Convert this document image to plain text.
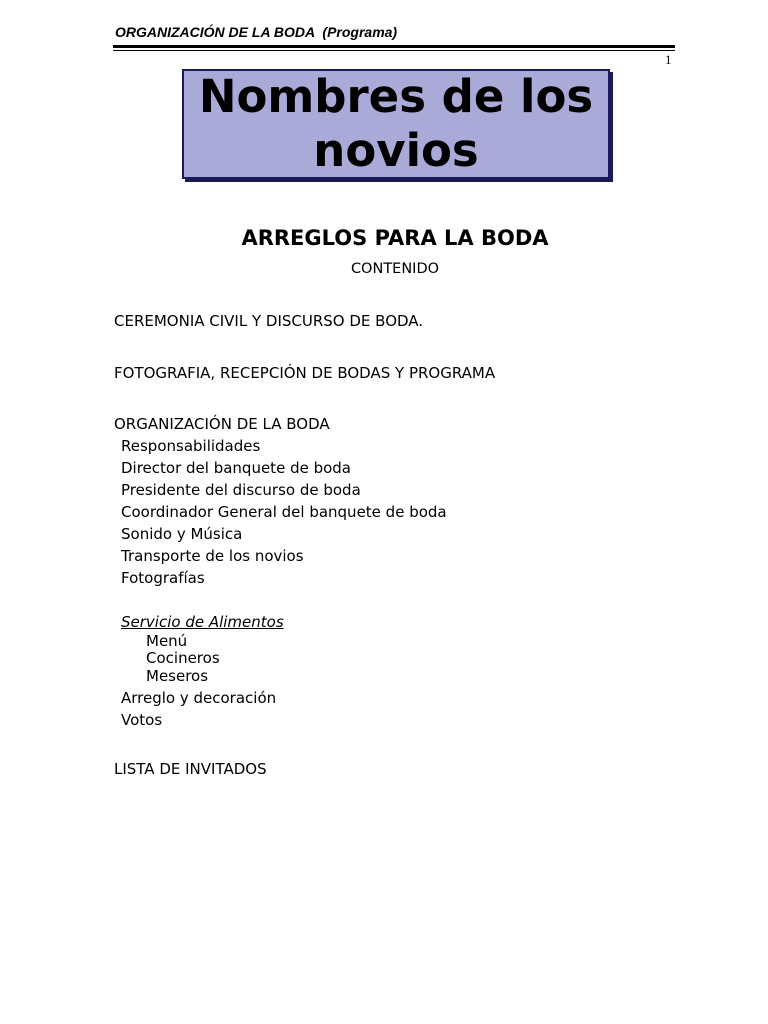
ORGANIZACIÓN DE LA BODA  (Programa)
1
Nombres de los novios
ARREGLOS PARA LA BODA
CONTENIDO
CEREMONIA CIVIL Y DISCURSO DE BODA.
FOTOGRAFIA, RECEPCIÓN DE BODAS Y PROGRAMA
ORGANIZACIÓN DE LA BODA
Responsabilidades
Director del banquete de boda
Presidente del discurso de boda
Coordinador General del banquete de boda
Sonido y Música
Transporte de los novios
Fotografías
Servicio de Alimentos
Menú
Cocineros
Meseros
Arreglo y decoración
Votos
LISTA DE INVITADOS
